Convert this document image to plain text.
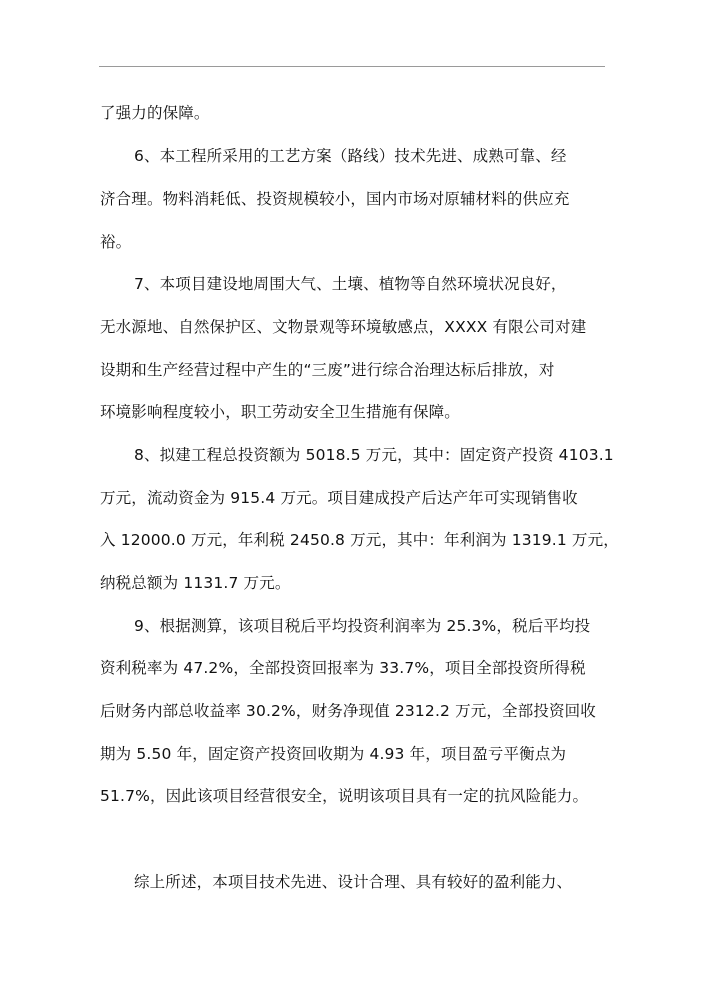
了强力的保障。
6、本工程所采用的工艺方案（路线）技术先进、成熟可靠、经
济合理。物料消耗低、投资规模较小，国内市场对原辅材料的供应充
裕。
7、本项目建设地周围大气、土壤、植物等自然环境状况良好，
无水源地、自然保护区、文物景观等环境敏感点，XXXX 有限公司对建
设期和生产经营过程中产生的“三废”进行综合治理达标后排放，对
环境影响程度较小，职工劳动安全卫生措施有保障。
8、拟建工程总投资额为 5018.5 万元，其中：固定资产投资 4103.1
万元，流动资金为 915.4 万元。项目建成投产后达产年可实现销售收
入 12000.0 万元，年利税 2450.8 万元，其中：年利润为 1319.1 万元，
纳税总额为 1131.7 万元。
9、根据测算，该项目税后平均投资利润率为 25.3%，税后平均投
资利税率为 47.2%，全部投资回报率为 33.7%，项目全部投资所得税
后财务内部总收益率 30.2%，财务净现值 2312.2 万元，全部投资回收
期为 5.50 年，固定资产投资回收期为 4.93 年，项目盈亏平衡点为
51.7%，因此该项目经营很安全，说明该项目具有一定的抗风险能力。
综上所述，本项目技术先进、设计合理、具有较好的盈利能力、
